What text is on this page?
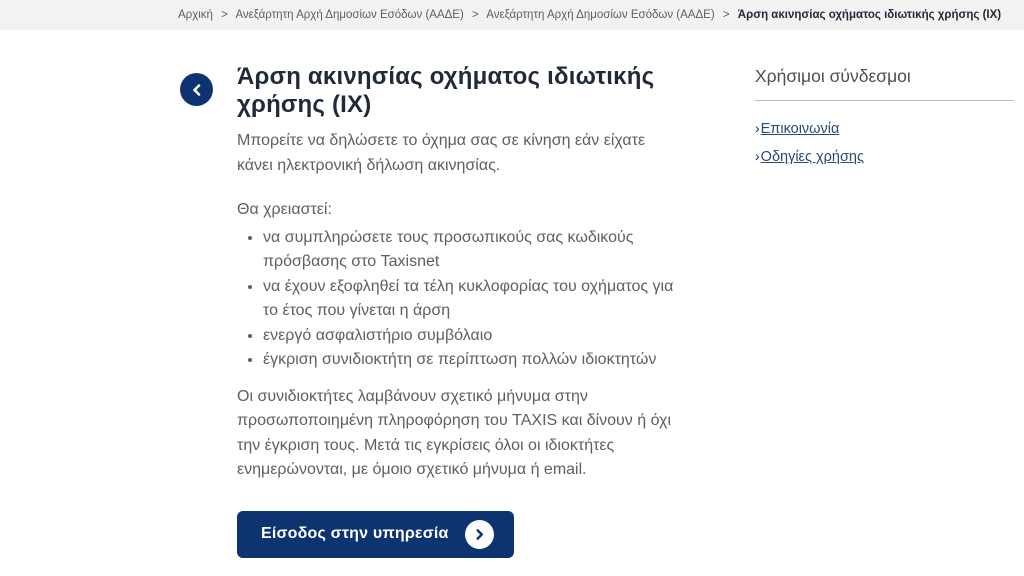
Αρχική > Ανεξάρτητη Αρχή Δημοσίων Εσόδων (ΑΑΔΕ) > Ανεξάρτητη Αρχή Δημοσίων Εσόδων (ΑΑΔΕ) > Άρση ακινησίας οχήματος ιδιωτικής χρήσης (ΙΧ)
Άρση ακινησίας οχήματος ιδιωτικής χρήσης (ΙΧ)

Μπορείτε να δηλώσετε το όχημα σας σε κίνηση εάν είχατε κάνει ηλεκτρονική δήλωση ακινησίας.

Θα χρειαστεί:

• να συμπληρώσετε τους προσωπικούς σας κωδικούς πρόσβασης στο Taxisnet
• να έχουν εξοφληθεί τα τέλη κυκλοφορίας του οχήματος για το έτος που γίνεται η άρση
• ενεργό ασφαλιστήριο συμβόλαιο
• έγκριση συνιδιοκτήτη σε περίπτωση πολλών ιδιοκτητών

Οι συνιδιοκτήτες λαμβάνουν σχετικό μήνυμα στην προσωποποιημένη πληροφόρηση του TAXIS και δίνουν ή όχι την έγκριση τους. Μετά τις εγκρίσεις όλοι οι ιδιοκτήτες ενημερώνονται, με όμοιο σχετικό μήνυμα ή email.

Είσοδος στην υπηρεσία
Χρήσιμοι σύνδεσμοι
›Επικοινωνία
›Οδηγίες χρήσης
